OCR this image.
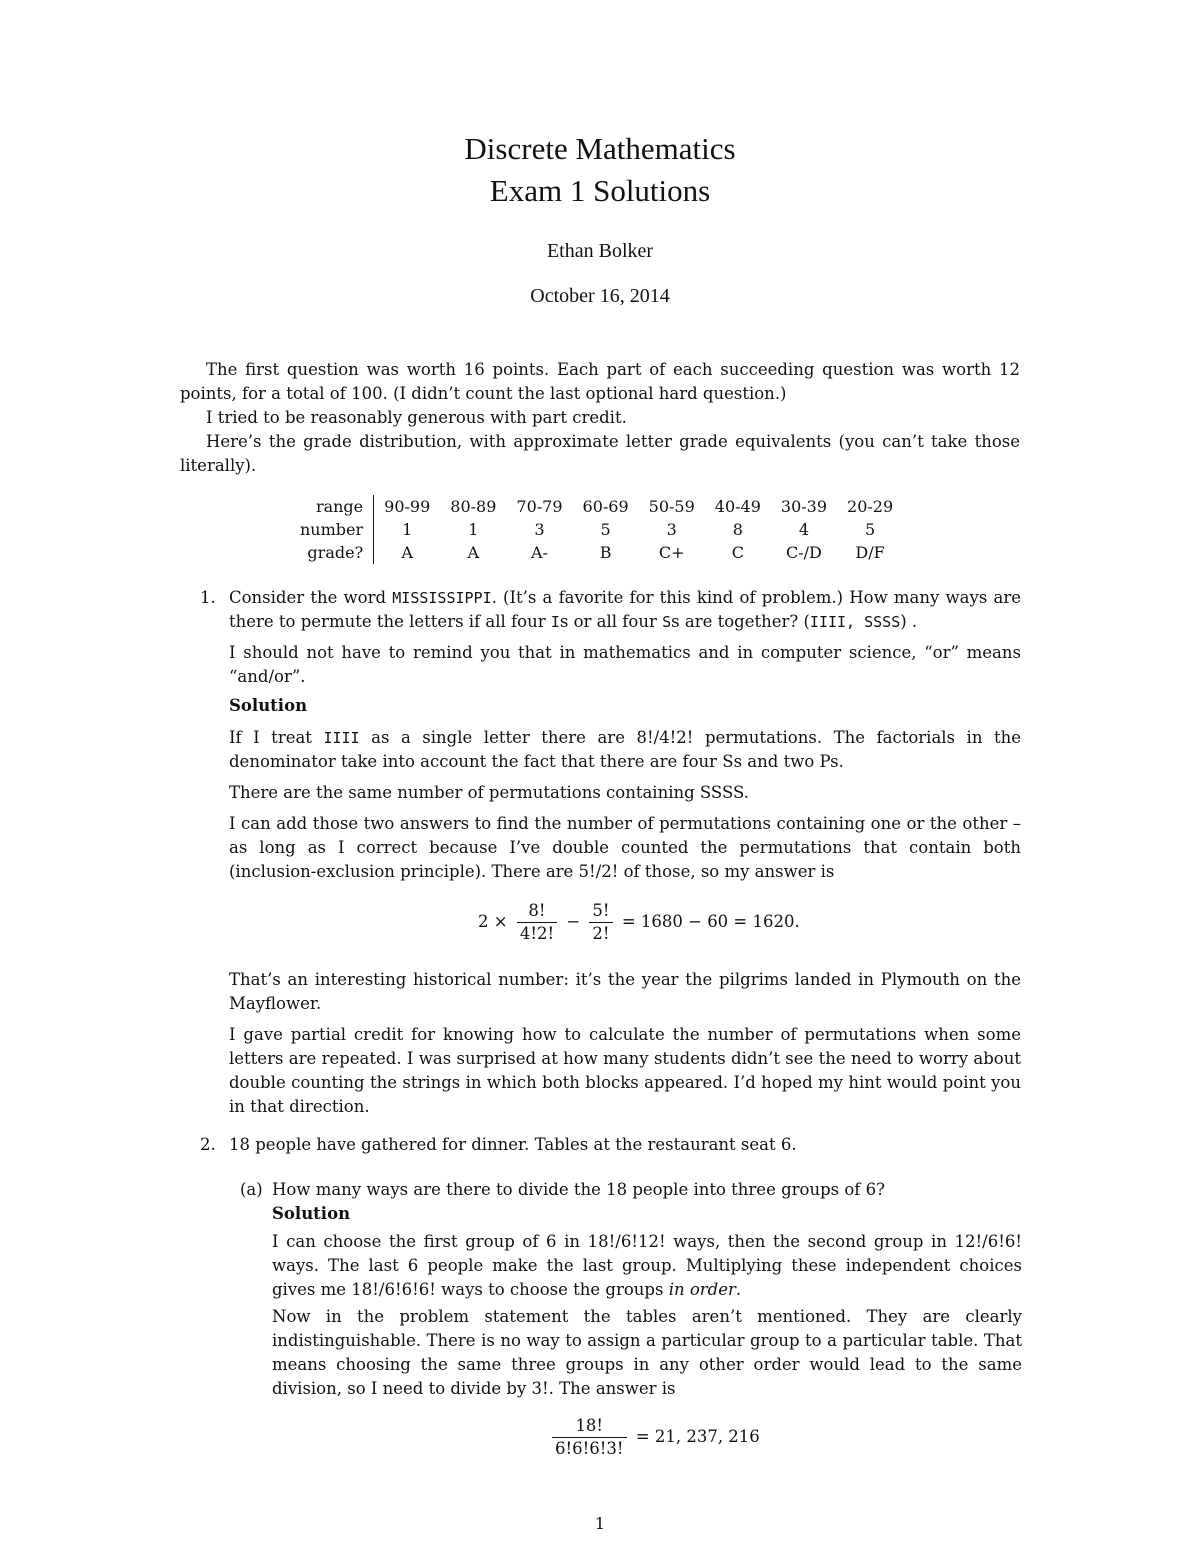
Discrete Mathematics
Exam 1 Solutions
Ethan Bolker
October 16, 2014

The first question was worth 16 points. Each part of each succeeding question was worth 12 points, for a total of 100. (I didn’t count the last optional hard question.)

I tried to be reasonably generous with part credit.

Here’s the grade distribution, with approximate letter grade equivalents (you can’t take those literally).

range	90-99	80-89	70-79	60-69	50-59	40-49	30-39	20-29
number	1	1	3	5	3	8	4	5
grade?	A	A	A-	B	C+	C	C-/D	D/F
1. Consider the word MISSISSIPPI. (It’s a favorite for this kind of problem.) How many ways are there to permute the letters if all four Is or all four Ss are together? (IIII, SSSS) .

I should not have to remind you that in mathematics and in computer science, “or” means “and/or”.

Solution

If I treat IIII as a single letter there are 8!/4!2! permutations. The factorials in the denominator take into account the fact that there are four Ss and two Ps.

There are the same number of permutations containing SSSS.

I can add those two answers to find the number of permutations containing one or the other – as long as I correct because I’ve double counted the permutations that contain both (inclusion-exclusion principle). There are 5!/2! of those, so my answer is

$2 \times \frac{8!}{4!2!} - \frac{5!}{2!} = 1680 - 60 = 1620$.

That’s an interesting historical number: it’s the year the pilgrims landed in Plymouth on the Mayflower.

I gave partial credit for knowing how to calculate the number of permutations when some letters are repeated. I was surprised at how many students didn’t see the need to worry about double counting the strings in which both blocks appeared. I’d hoped my hint would point you in that direction.

2. 18 people have gathered for dinner. Tables at the restaurant seat 6.

(a) How many ways are there to divide the 18 people into three groups of 6?

Solution

I can choose the first group of 6 in 18!/6!12! ways, then the second group in 12!/6!6! ways. The last 6 people make the last group. Multiplying these independent choices gives me 18!/6!6!6! ways to choose the groups in order.

Now in the problem statement the tables aren’t mentioned. They are clearly indistinguishable. There is no way to assign a particular group to a particular table. That means choosing the same three groups in any other order would lead to the same division, so I need to divide by 3!. The answer is

$\frac{18!}{6!6!6!3!} = 21$, 237, 216
1
